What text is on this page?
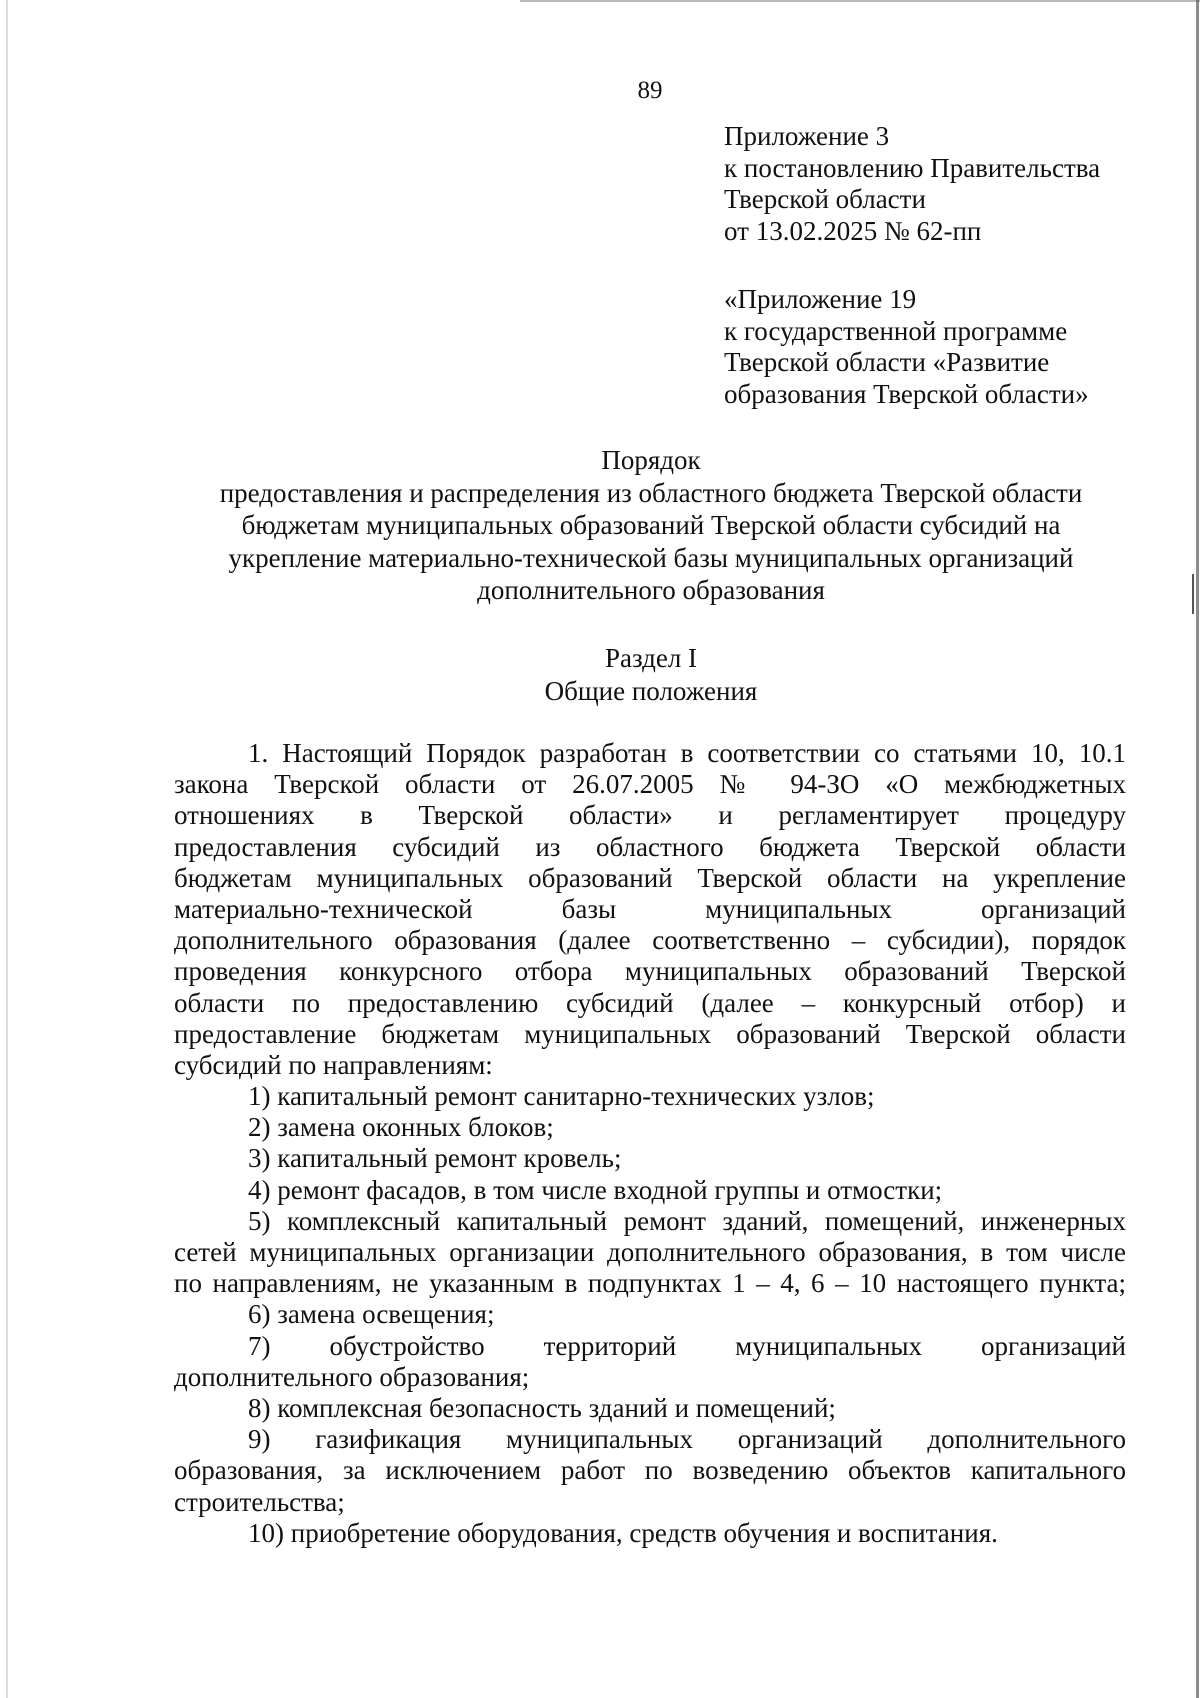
89
Приложение 3
к постановлению Правительства
Тверской области
от 13.02.2025 № 62-пп
«Приложение 19
к государственной программе
Тверской области «Развитие
образования Тверской области»
Порядок
предоставления и распределения из областного бюджета Тверской области
бюджетам муниципальных образований Тверской области субсидий на
укрепление материально-технической базы муниципальных организаций
дополнительного образования
Раздел I
Общие положения
1. Настоящий Порядок разработан в соответствии со статьями 10, 10.1
закона Тверской области от 26.07.2005 № 94-ЗО «О межбюджетных
отношениях в Тверской области» и регламентирует процедуру
предоставления субсидий из областного бюджета Тверской области
бюджетам муниципальных образований Тверской области на укрепление
материально-технической базы муниципальных организаций
дополнительного образования (далее соответственно – субсидии), порядок
проведения конкурсного отбора муниципальных образований Тверской
области по предоставлению субсидий (далее – конкурсный отбор) и
предоставление бюджетам муниципальных образований Тверской области
субсидий по направлениям:
1) капитальный ремонт санитарно-технических узлов;
2) замена оконных блоков;
3) капитальный ремонт кровель;
4) ремонт фасадов, в том числе входной группы и отмостки;
5) комплексный капитальный ремонт зданий, помещений, инженерных
сетей муниципальных организации дополнительного образования, в том числе
по направлениям, не указанным в подпунктах 1 – 4, 6 – 10 настоящего пункта;
6) замена освещения;
7) обустройство территорий муниципальных организаций
дополнительного образования;
8) комплексная безопасность зданий и помещений;
9) газификация муниципальных организаций дополнительного
образования, за исключением работ по возведению объектов капитального
строительства;
10) приобретение оборудования, средств обучения и воспитания.
